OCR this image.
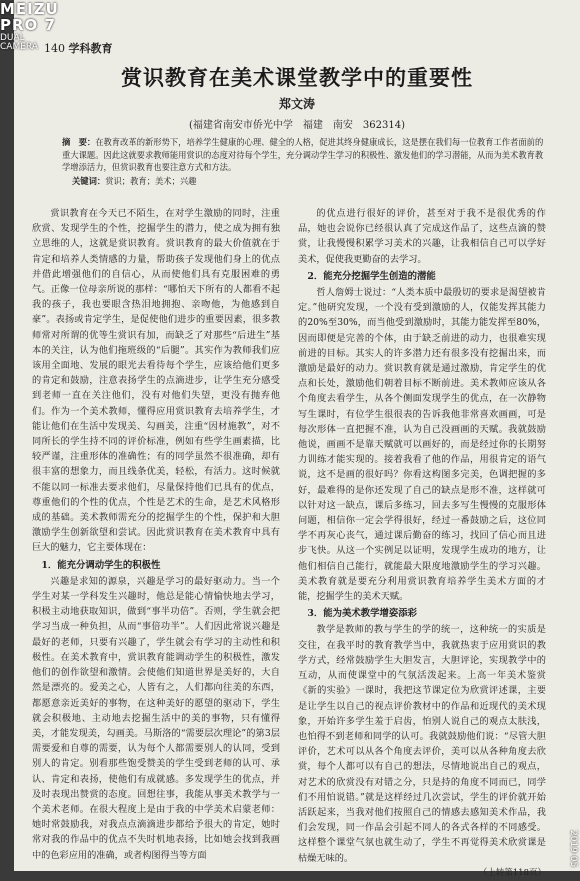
140 学科教育
赏识教育在美术课堂教学中的重要性
郑文涛
(福建省南安市侨光中学　福建　南安　362314)
摘　要：在教育改革的新形势下，培养学生健康的心理、健全的人格，促进其终身健康成长，这是摆在我们每一位教育工作者面前的重大课题。因此这就要求教师能用赏识的态度对待每个学生，充分调动学生学习的积极性、激发他们的学习潜能，从而为美术教育教学增添活力，但赏识教育也要注意方式和方法。
关键词：赏识；教育；美术；兴趣

赏识教育在今天已不陌生，在对学生激励的同时，注重欣赏、发现学生的个性，挖掘学生的潜力，使之成为拥有独立思维的人，这就是赏识教育。赏识教育的最大价值就在于肯定和培养人类情感的力量，帮助孩子发现他们身上的优点并借此增强他们的自信心，从而使他们具有克服困难的勇气。正像一位母亲所说的那样：“哪怕天下所有的人都看不起我的孩子，我也要眼含热泪地拥抱、亲吻他，为他感到自豪”。表扬或肯定学生，是促使他们进步的重要因素，很多教师常对所谓的优等生赏识有加，而缺乏了对那些“后进生”基本的关注，认为他们拖班级的“后腿”。其实作为教师我们应该用全面地、发展的眼光去看待每个学生，应该给他们更多的肯定和鼓励，注意表扬学生的点滴进步，让学生充分感受到老师一直在关注他们，没有对他们失望，更没有抛弃他们。作为一个美术教师，懂得应用赏识教育去培养学生，才能让他们在生活中发现美、勾画美，注重“因材施教”，对不同所长的学生持不同的评价标准，例如有些学生画素描，比较严谨，注重形体的准确性；有的同学虽然不很准确，却有很丰富的想象力，而且线条优美，轻松，有活力。这时候就不能以同一标准去要求他们，尽量保持他们已具有的优点，尊重他们的个性的优点，个性是艺术的生命，是艺术风格形成的基础。美术教师需充分的挖掘学生的个性，保护和大胆激励学生创新欲望和尝试。因此赏识教育在美术教育中具有巨大的魅力，它主要体现在：

1．能充分调动学生的积极性

兴趣是求知的源泉，兴趣是学习的最好驱动力。当一个学生对某一学科发生兴趣时，他总是能心情愉快地去学习，积极主动地获取知识，做到“事半功倍”。否则，学生就会把学习当成一种负担，从而“事倍功半”。人们因此常说兴趣是最好的老师，只要有兴趣了，学生就会有学习的主动性和积极性。在美术教育中，赏识教育能调动学生的积极性，激发他们的创作欲望和激情。会使他们知道世界是美好的，大自然是漂亮的。爱美之心，人皆有之，人们都向往美的东西，都愿意亲近美好的事物，在这种美好的愿望的驱动下，学生就会积极地、主动地去挖掘生活中的美的事物，只有懂得美，才能发现美，勾画美。马斯洛的“需要层次理论”的第3层需要爱和自尊的需要，认为每个人都需要别人的认同，受到别人的肯定。别看那些饱受赞美的学生受到老师的认可、承认、肯定和表扬，使他们有成就感。多发现学生的优点，并及时表现出赞赏的态度。回想往事，我能从事美术教学与一个美术老师。在很大程度上是由于我的中学美术启蒙老师：她时常鼓励我，对我点点滴滴进步都给予很大的肯定，她时常对我的作品中的优点不失时机地表扬，比如她会找到我画中的色彩应用的准确，或者构图得当等方面

的优点进行很好的评价，甚至对于我不是很优秀的作品，她也会说你已经很认真了完成这作品了，这些点滴的赞赏，让我慢慢积累学习美术的兴趣，让我相信自己可以学好美术，促使我更勤奋的去学习。

2．能充分挖掘学生创造的潜能

哲人詹姆士说过：“人类本质中最殷切的要求是渴望被肯定。”他研究发现，一个没有受到激励的人，仅能发挥其能力的20%至30%，而当他受到激励时，其能力能发挥至80%，因而即便是完善的个体，由于缺乏前进的动力，也很难实现前进的目标。其实人的许多潜力还有很多没有挖掘出来，而激励是最好的动力。赏识教育就是通过激励，肯定学生的优点和长处，激励他们朝着目标不断前进。美术教师应该从各个角度去看学生，从各个侧面发现学生的优点，在一次静物写生课时，有位学生很很表的告诉我他非常喜欢画画，可是每次形体一直把握不准，认为自己没画画的天赋。我就鼓励他说，画画不是靠天赋就可以画好的，而是经过你的长期努力训练才能实现的。接着我看了他的作品，用很肯定的语气说，这不是画的很好吗？你看这构图多完美，色调把握的多好，最难得的是你还发现了自己的缺点是形不准，这样就可以针对这一缺点，课后多练习，回去多写生慢慢的克服形体问题，相信你一定会学得很好，经过一番鼓励之后，这位同学不再灰心丧气，通过课后勤奋的练习，找回了信心而且进步飞快。从这一个实例足以证明，发现学生成功的地方，让他们相信自己能行，就能最大限度地激励学生的学习兴趣。美术教育就是要充分利用赏识教育培养学生美术方面的才能，挖掘学生的美术天赋。

3．能为美术教学增姿添彩

教学是教师的教与学生的学的统一，这种统一的实质是交往，在我平时的教育教学当中，我就热衷于应用赏识的教学方式，经常鼓励学生大胆发言，大胆评论，实现教学中的互动，从而使课堂中的气氛活泼起来。上高一年美术鉴赏《新的实验》一课时，我把这节课定位为欣赏评述课，主要是让学生以自己的视点评价教材中的作品和近现代的美术现象，开始许多学生羞于启齿，怕别人说自己的观点太肤浅，也怕得不到老师和同学的认可。我就鼓励他们说：“尽管大胆评价，艺术可以从各个角度去评价，美可以从各种角度去欣赏，每个人都可以有自己的想法，尽情地说出自己的观点，对艺术的欣赏没有对错之分，只是持的角度不同而已，同学们不用怕说错。”就是这样经过几次尝试，学生的评价就开始活跃起来，当我对他们按照自己的情感去感知美术作品，我们会发现，同一作品会引起不同人的各式各样的不同感受。这样整个课堂气氛也就生动了，学生不再觉得美术欣赏课是枯燥无味的。

（上转第118页）
MEIZU PRO 7
DUAL CAMERA
2019·05
